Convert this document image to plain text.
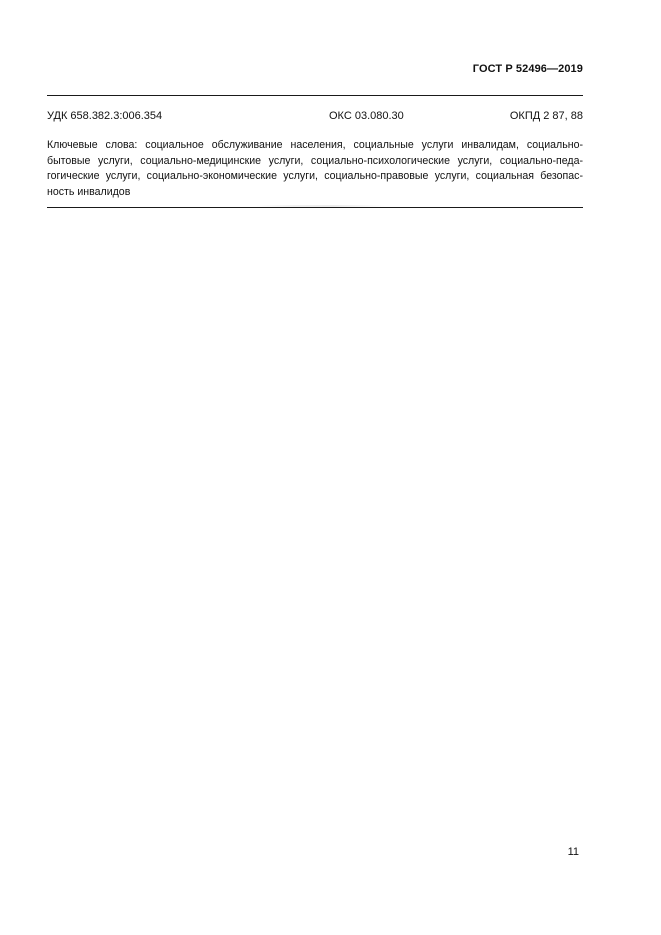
ГОСТ Р 52496—2019
УДК 658.382.3:006.354	ОКС 03.080.30	ОКПД 2 87, 88
Ключевые слова: социальное обслуживание населения, социальные услуги инвалидам, социально-
бытовые услуги, социально-медицинские услуги, социально-психологические услуги, социально-педа-
гогические услуги, социально-экономические услуги, социально-правовые услуги, социальная безопас-
ность инвалидов
11
